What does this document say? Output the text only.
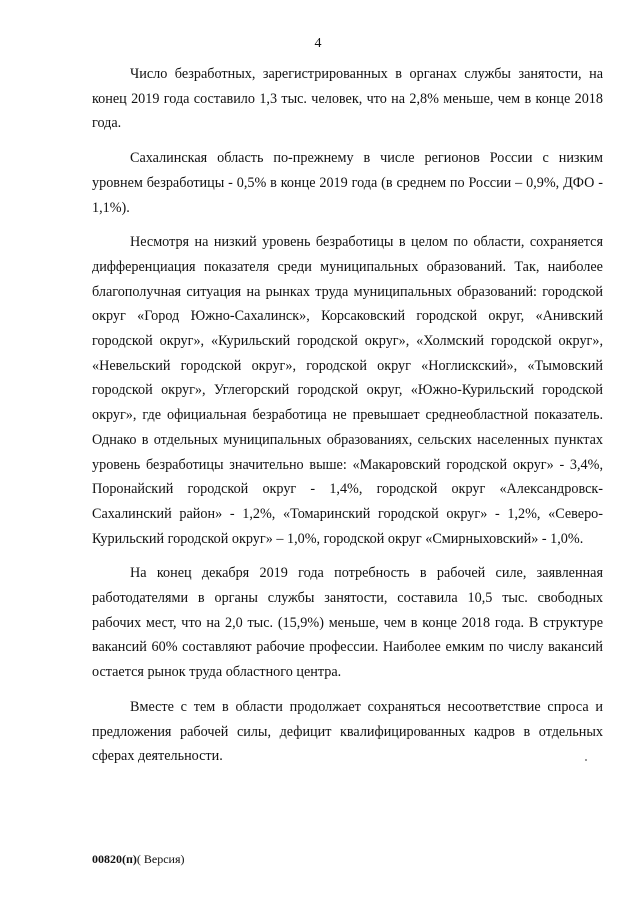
4

Число безработных, зарегистрированных в органах службы занятости, на конец 2019 года составило 1,3 тыс. человек, что на 2,8% меньше, чем в конце 2018 года.

Сахалинская область по-прежнему в числе регионов России с низким уровнем безработицы - 0,5% в конце 2019 года (в среднем по России – 0,9%, ДФО - 1,1%).

Несмотря на низкий уровень безработицы в целом по области, сохраняется дифференциация показателя среди муниципальных образований. Так, наиболее благополучная ситуация на рынках труда муниципальных образований: городской округ «Город Южно-Сахалинск», Корсаковский городской округ, «Анивский городской округ», «Курильский городской округ», «Холмский городской округ», «Невельский городской округ», городской округ «Ноглискский», «Тымовский городской округ», Углегорский городской округ, «Южно-Курильский городской округ», где официальная безработица не превышает среднеобластной показатель. Однако в отдельных муниципальных образованиях, сельских населенных пунктах уровень безработицы значительно выше: «Макаровский городской округ» - 3,4%, Поронайский городской округ - 1,4%, городской округ «Александровск-Сахалинский район» - 1,2%, «Томаринский городской округ» - 1,2%, «Северо-Курильский городской округ» – 1,0%, городской округ «Смирныховский» - 1,0%.

На конец декабря 2019 года потребность в рабочей силе, заявленная работодателями в органы службы занятости, составила 10,5 тыс. свободных рабочих мест, что на 2,0 тыс. (15,9%) меньше, чем в конце 2018 года. В структуре вакансий 60% составляют рабочие профессии. Наиболее емким по числу вакансий остается рынок труда областного центра.

Вместе с тем в области продолжает сохраняться несоответствие спроса и предложения рабочей силы, дефицит квалифицированных кадров в отдельных сферах деятельности.

00820(п)( Версия)
